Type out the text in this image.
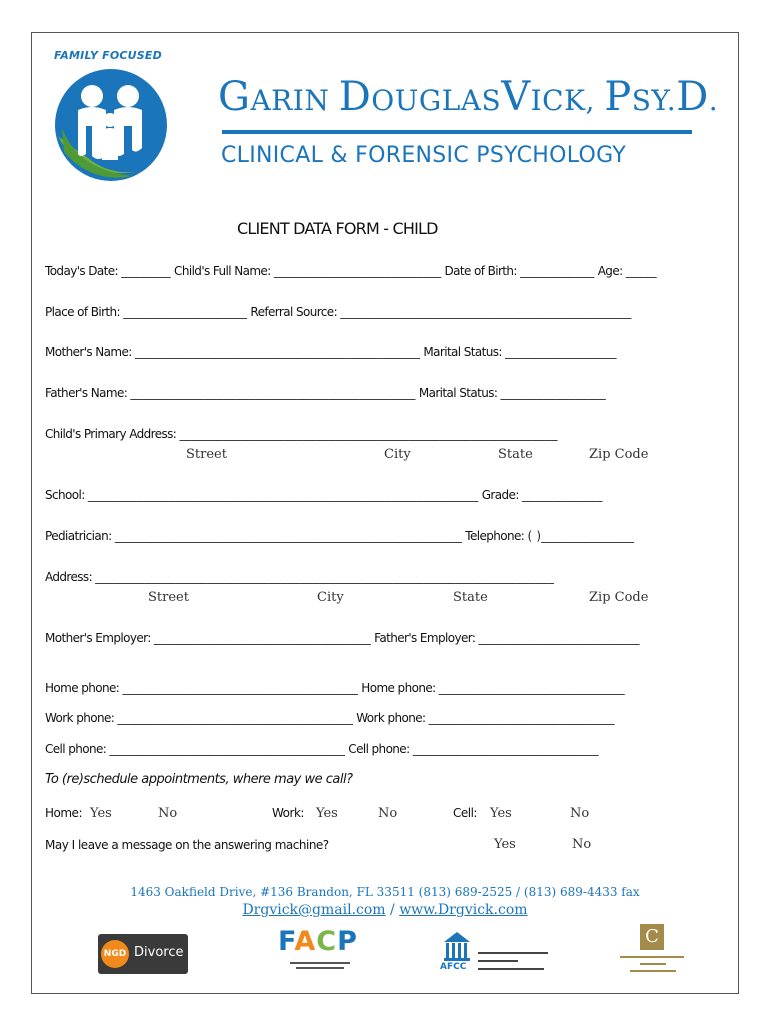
FAMILY FOCUSED
GARIN DOUGLASVICK, PSY.D.
CLINICAL & FORENSIC PSYCHOLOGY
CLIENT DATA FORM - CHILD
Today's Date: ________ Child's Full Name: ___________________________ Date of Birth: ____________ Age: _____
Place of Birth: ____________________ Referral Source: _______________________________________________
Mother's Name: ______________________________________________ Marital Status: __________________
Father's Name: ______________________________________________ Marital Status: _________________
Child's Primary Address: _____________________________________________________________
Street	City	State	Zip Code
School: _______________________________________________________________ Grade: _____________
Pediatrician: ________________________________________________________ Telephone: ( )_______________
Address: __________________________________________________________________________
Street	City	State	Zip Code
Mother's Employer: ___________________________________ Father's Employer: __________________________
Home phone: ______________________________________ Home phone: ______________________________
Work phone: ______________________________________ Work phone: ______________________________
Cell phone: ______________________________________ Cell phone: ______________________________
To (re)schedule appointments, where may we call?
Home: Yes	No	Work: Yes	No	Cell: Yes	No
May I leave a message on the answering machine?	Yes	No
1463 Oakfield Drive, #136 Brandon, FL 33511 (813) 689-2525 / (813) 689-4433 fax
Drgvick@gmail.com / www.Drgvick.com
NGD Divorce	FACP
AFCC
C
